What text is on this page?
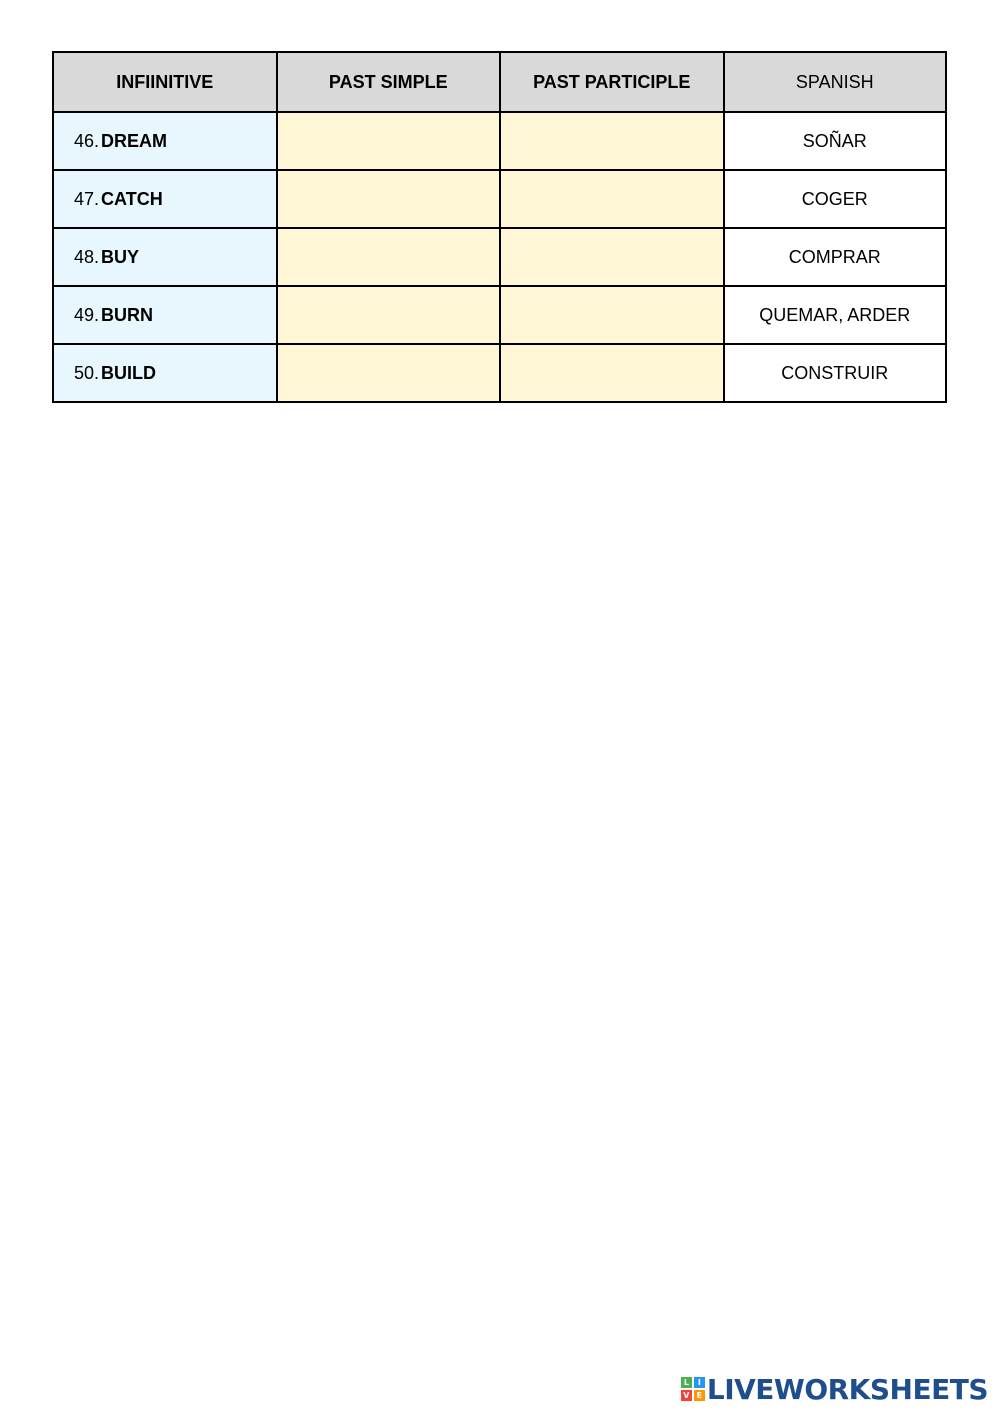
INFIINITIVE	PAST SIMPLE	PAST PARTICIPLE	SPANISH
46. DREAM			SOÑAR
47. CATCH			COGER
48. BUY			COMPRAR
49. BURN			QUEMAR, ARDER
50. BUILD			CONSTRUIR
L	I
V E LIVEWORKSHEETS
